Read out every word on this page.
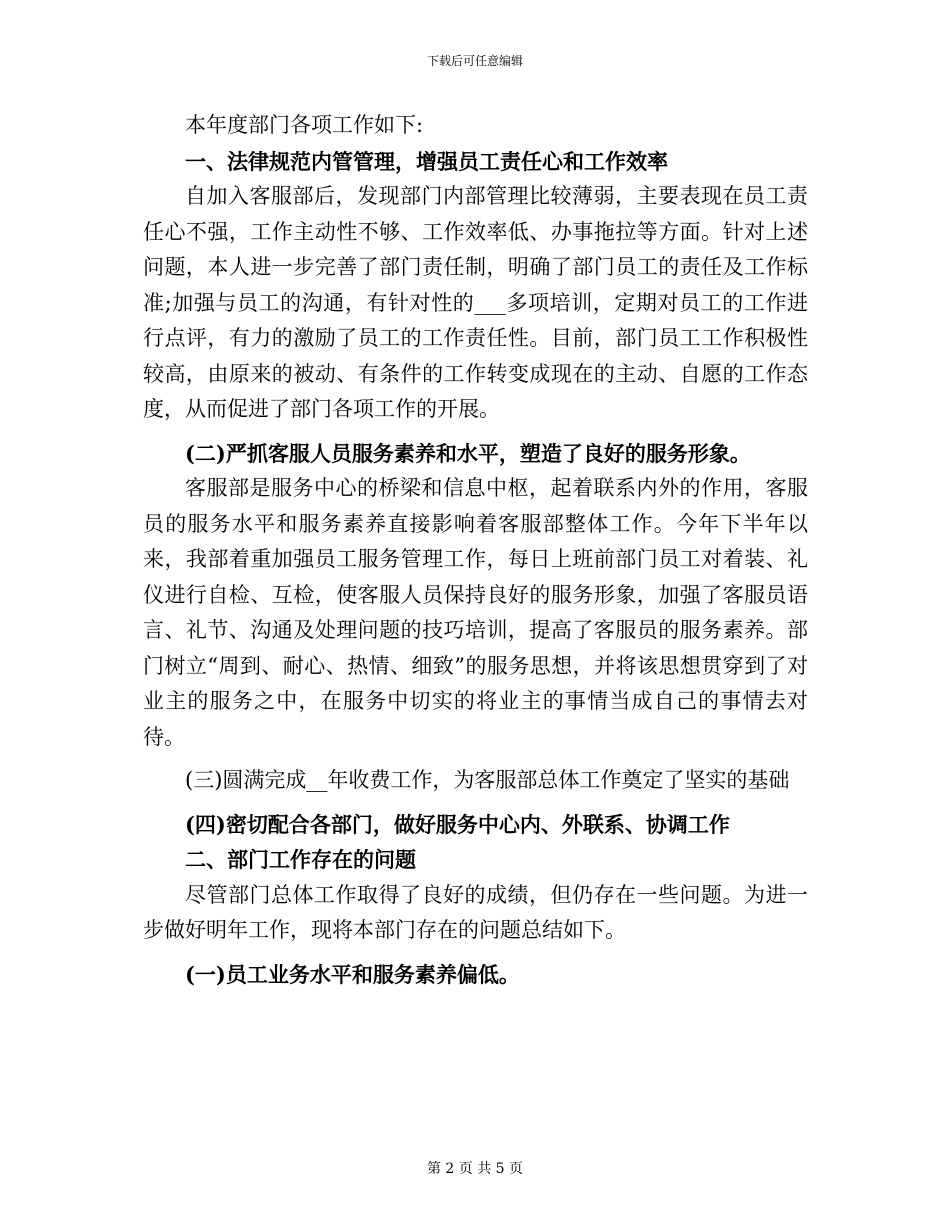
下载后可任意编辑

本年度部门各项工作如下:

一、法律规范内管管理，增强员工责任心和工作效率

自加入客服部后，发现部门内部管理比较薄弱，主要表现在员工责任心不强，工作主动性不够、工作效率低、办事拖拉等方面。针对上述问题，本人进一步完善了部门责任制，明确了部门员工的责任及工作标准;加强与员工的沟通，有针对性的___多项培训，定期对员工的工作进行点评，有力的激励了员工的工作责任性。目前，部门员工工作积极性较高，由原来的被动、有条件的工作转变成现在的主动、自愿的工作态度，从而促进了部门各项工作的开展。

(二)严抓客服人员服务素养和水平，塑造了良好的服务形象。

客服部是服务中心的桥梁和信息中枢，起着联系内外的作用，客服员的服务水平和服务素养直接影响着客服部整体工作。今年下半年以来，我部着重加强员工服务管理工作，每日上班前部门员工对着装、礼仪进行自检、互检，使客服人员保持良好的服务形象，加强了客服员语言、礼节、沟通及处理问题的技巧培训，提高了客服员的服务素养。部门树立“周到、耐心、热情、细致”的服务思想，并将该思想贯穿到了对业主的服务之中，在服务中切实的将业主的事情当成自己的事情去对待。

(三)圆满完成__年收费工作，为客服部总体工作奠定了坚实的基础

(四)密切配合各部门，做好服务中心内、外联系、协调工作

二、部门工作存在的问题

尽管部门总体工作取得了良好的成绩，但仍存在一些问题。为进一步做好明年工作，现将本部门存在的问题总结如下。

(一)员工业务水平和服务素养偏低。

第 2 页 共 5 页
